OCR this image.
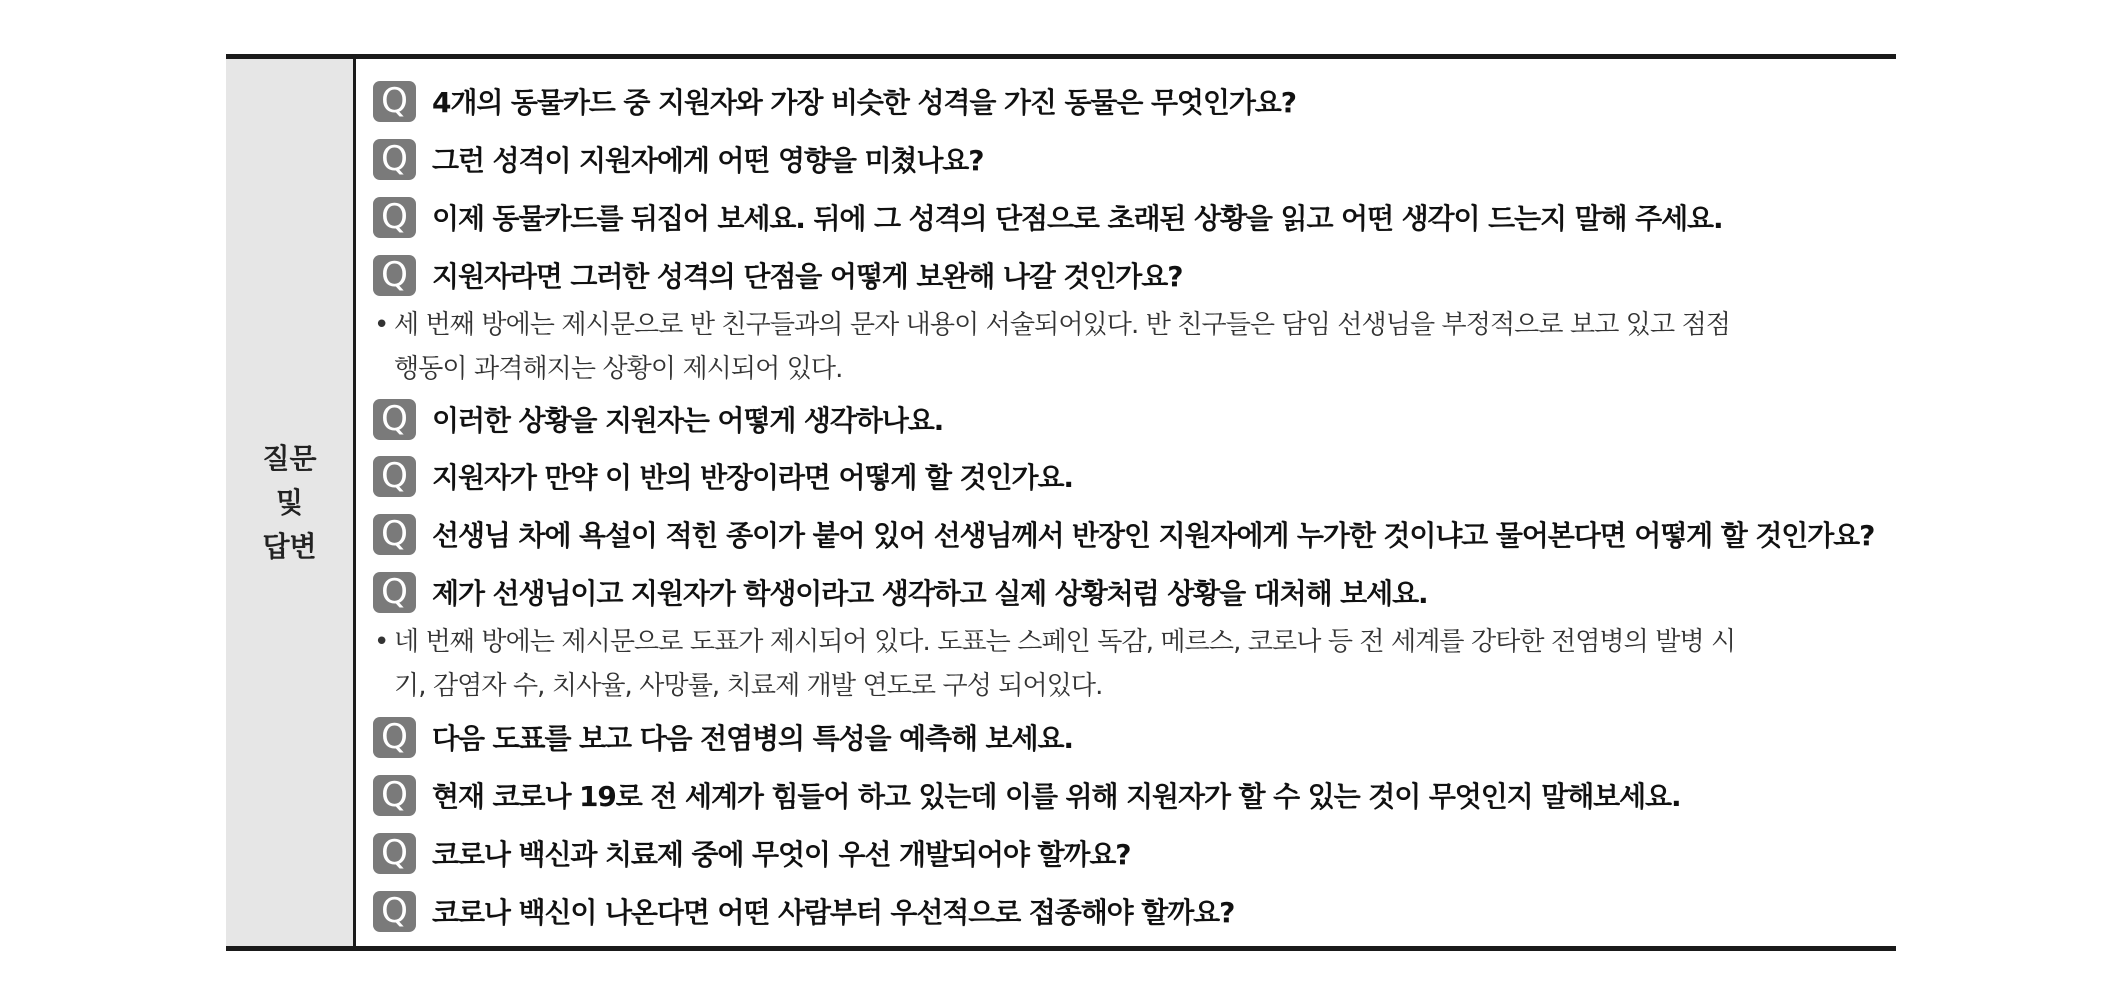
질문
및
답변
Q 4개의 동물카드 중 지원자와 가장 비슷한 성격을 가진 동물은 무엇인가요?
Q 그런 성격이 지원자에게 어떤 영향을 미쳤나요?
Q 이제 동물카드를 뒤집어 보세요. 뒤에 그 성격의 단점으로 초래된 상황을 읽고 어떤 생각이 드는지 말해 주세요.
Q 지원자라면 그러한 성격의 단점을 어떻게 보완해 나갈 것인가요?
• 세 번째 방에는 제시문으로 반 친구들과의 문자 내용이 서술되어있다. 반 친구들은 담임 선생님을 부정적으로 보고 있고 점점
행동이 과격해지는 상황이 제시되어 있다.
Q 이러한 상황을 지원자는 어떻게 생각하나요.
Q 지원자가 만약 이 반의 반장이라면 어떻게 할 것인가요.
Q 선생님 차에 욕설이 적힌 종이가 붙어 있어 선생님께서 반장인 지원자에게 누가한 것이냐고 물어본다면 어떻게 할 것인가요?
Q 제가 선생님이고 지원자가 학생이라고 생각하고 실제 상황처럼 상황을 대처해 보세요.
• 네 번째 방에는 제시문으로 도표가 제시되어 있다. 도표는 스페인 독감, 메르스, 코로나 등 전 세계를 강타한 전염병의 발병 시
기, 감염자 수, 치사율, 사망률, 치료제 개발 연도로 구성 되어있다.
Q 다음 도표를 보고 다음 전염병의 특성을 예측해 보세요.
Q 현재 코로나 19로 전 세계가 힘들어 하고 있는데 이를 위해 지원자가 할 수 있는 것이 무엇인지 말해보세요.
Q 코로나 백신과 치료제 중에 무엇이 우선 개발되어야 할까요?
Q 코로나 백신이 나온다면 어떤 사람부터 우선적으로 접종해야 할까요?
